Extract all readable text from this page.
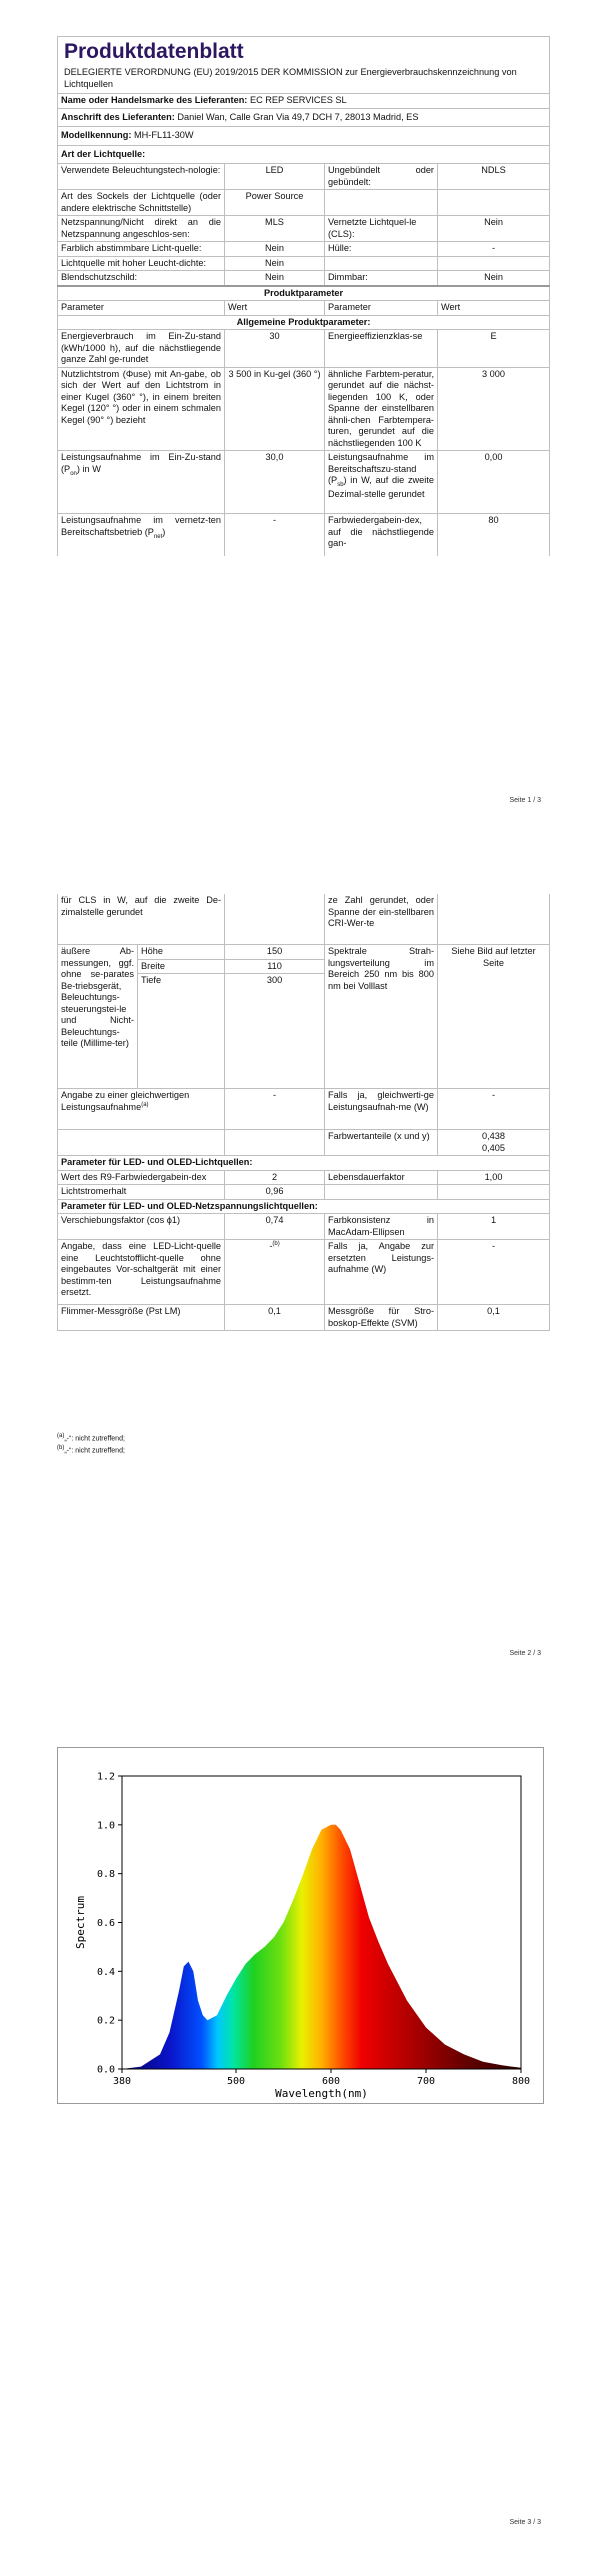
Produktdatenblatt
DELEGIERTE VERORDNUNG (EU) 2019/2015 DER KOMMISSION zur Energieverbrauchskennzeichnung von Lichtquellen			

Name oder Handelsmarke des Lieferanten: EC REP SERVICES SL			
Anschrift des Lieferanten: Daniel Wan, Calle Gran Via 49,7 DCH 7, 28013 Madrid, ES			
Modellkennung: MH-FL11-30W			
Art der Lichtquelle:			
Verwendete Beleuchtungstech-nologie:	LED	Ungebündelt oder gebündelt:	NDLS
Art des Sockels der Lichtquelle (oder andere elektrische Schnittstelle)	Power Source		
Netzspannung/Nicht direkt an die Netzspannung angeschlos-sen:	MLS	Vernetzte Lichtquel-le (CLS):	Nein
Farblich abstimmbare Licht-quelle:	Nein	Hülle:	-
Lichtquelle mit hoher Leucht-dichte:	Nein		
Blendschutzschild:	Nein	Dimmbar:	Nein
Produktparameter			
Parameter	Wert	Parameter	Wert
Allgemeine Produktparameter:			
Energieverbrauch im Ein-Zu-stand (kWh/1000 h), auf die nächstliegende ganze Zahl ge-rundet	30	Energieeffizienzklas-se	E
Nutzlichtstrom (Φuse) mit An-gabe, ob sich der Wert auf den Lichtstrom in einer Kugel (360° °), in einem breiten Kegel (120° °) oder in einem schmalen Kegel (90° °) bezieht	3 500 in Ku-gel (360 °)	ähnliche Farbtem-peratur, gerundet auf die nächst-liegenden 100 K, oder Spanne der einstellbaren ähnli-chen Farbtempera-turen, gerundet auf die nächstliegenden 100 K	3 000
Leistungsaufnahme im Ein-Zu-stand $(P_{on})$ in W	30,0	Leistungsaufnahme im Bereitschaftszu-stand $(P_{sb})$ in W, auf die zweite Dezimal-stelle gerundet	0,00
Leistungsaufnahme im vernetz-ten Bereitschaftsbetrieb $(P_{net})$	-	Farbwiedergabein-dex, auf die nächstliegende gan-	80
Seite 1 / 3
für CLS in W, auf die zweite De-zimalstelle gerundet			ze Zahl gerundet, oder Spanne der ein-stellbaren CRI-Wer-te	
äußere Ab-messungen, ggf. ohne se-parates Be-triebsgerät, Beleuchtungs-steuerungstei-le und Nicht-Beleuchtungs-teile (Millime-ter)	Höhe	150	Spektrale Strah-lungsverteilung im Bereich 250 nm bis 800 nm bei Volllast	Siehe Bild auf letzter Seite
	Breite	110		
	Tiefe	300		
Angabe zu einer gleichwertigen Leistungsaufnahme$^{(a)}$		-	Falls ja, gleichwerti-ge Leistungsaufnah-me (W)	-
			Farbwertanteile (x und y)	0,438
0,405

Parameter für LED- und OLED-Lichtquellen:				
Wert des R9-Farbwiedergabein-dex		2	Lebensdauerfaktor	1,00
Lichtstromerhalt		0,96		
Parameter für LED- und OLED-Netzspannungslichtquellen:				
Verschiebungsfaktor (cos ϕ1)		0,74	Farbkonsistenz in MacAdam-Ellipsen	1
Angabe, dass eine LED-Licht-quelle eine Leuchtstofflicht-quelle ohne eingebautes Vor-schaltgerät mit einer bestimm-ten Leistungsaufnahme ersetzt.		-$^{(b)}$	Falls ja, Angabe zur ersetzten Leistungs-aufnahme (W)	-
Flimmer-Messgröße (Pst LM)		0,1	Messgröße für Stro-boskop-Effekte (SVM)	0,1
(a)„-“: nicht zutreffend;
(b)„-“: nicht zutreffend;
Seite 2 / 3
380	500	600	700	800
0.0
0.2
0.4
0.6
0.8
1.0
1.2
Wavelength(nm)
Spectrum
Seite 3 / 3
